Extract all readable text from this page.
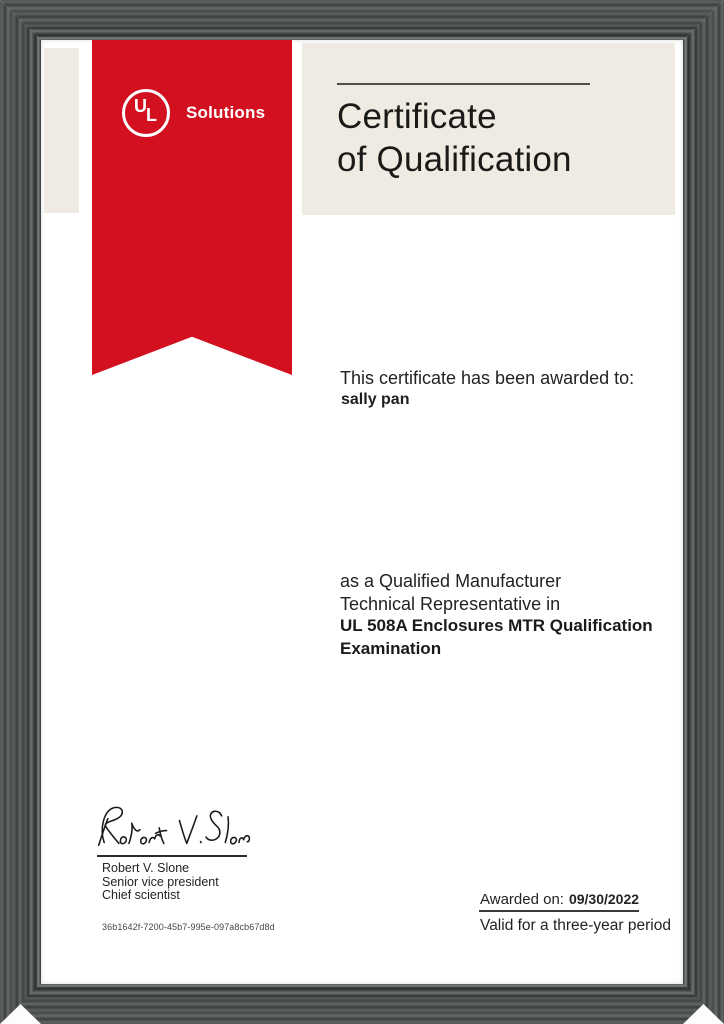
U L Solutions Certificate
of Qualification
This certificate has been awarded to:
sally pan
as a Qualified Manufacturer
Technical Representative in
UL 508A Enclosures MTR Qualification
Examination
Robert V. Slone
Senior vice president
Chief scientist
36b1642f-7200-45b7-995e-097a8cb67d8d
Awarded on: 09/30/2022
Valid for a three-year period
